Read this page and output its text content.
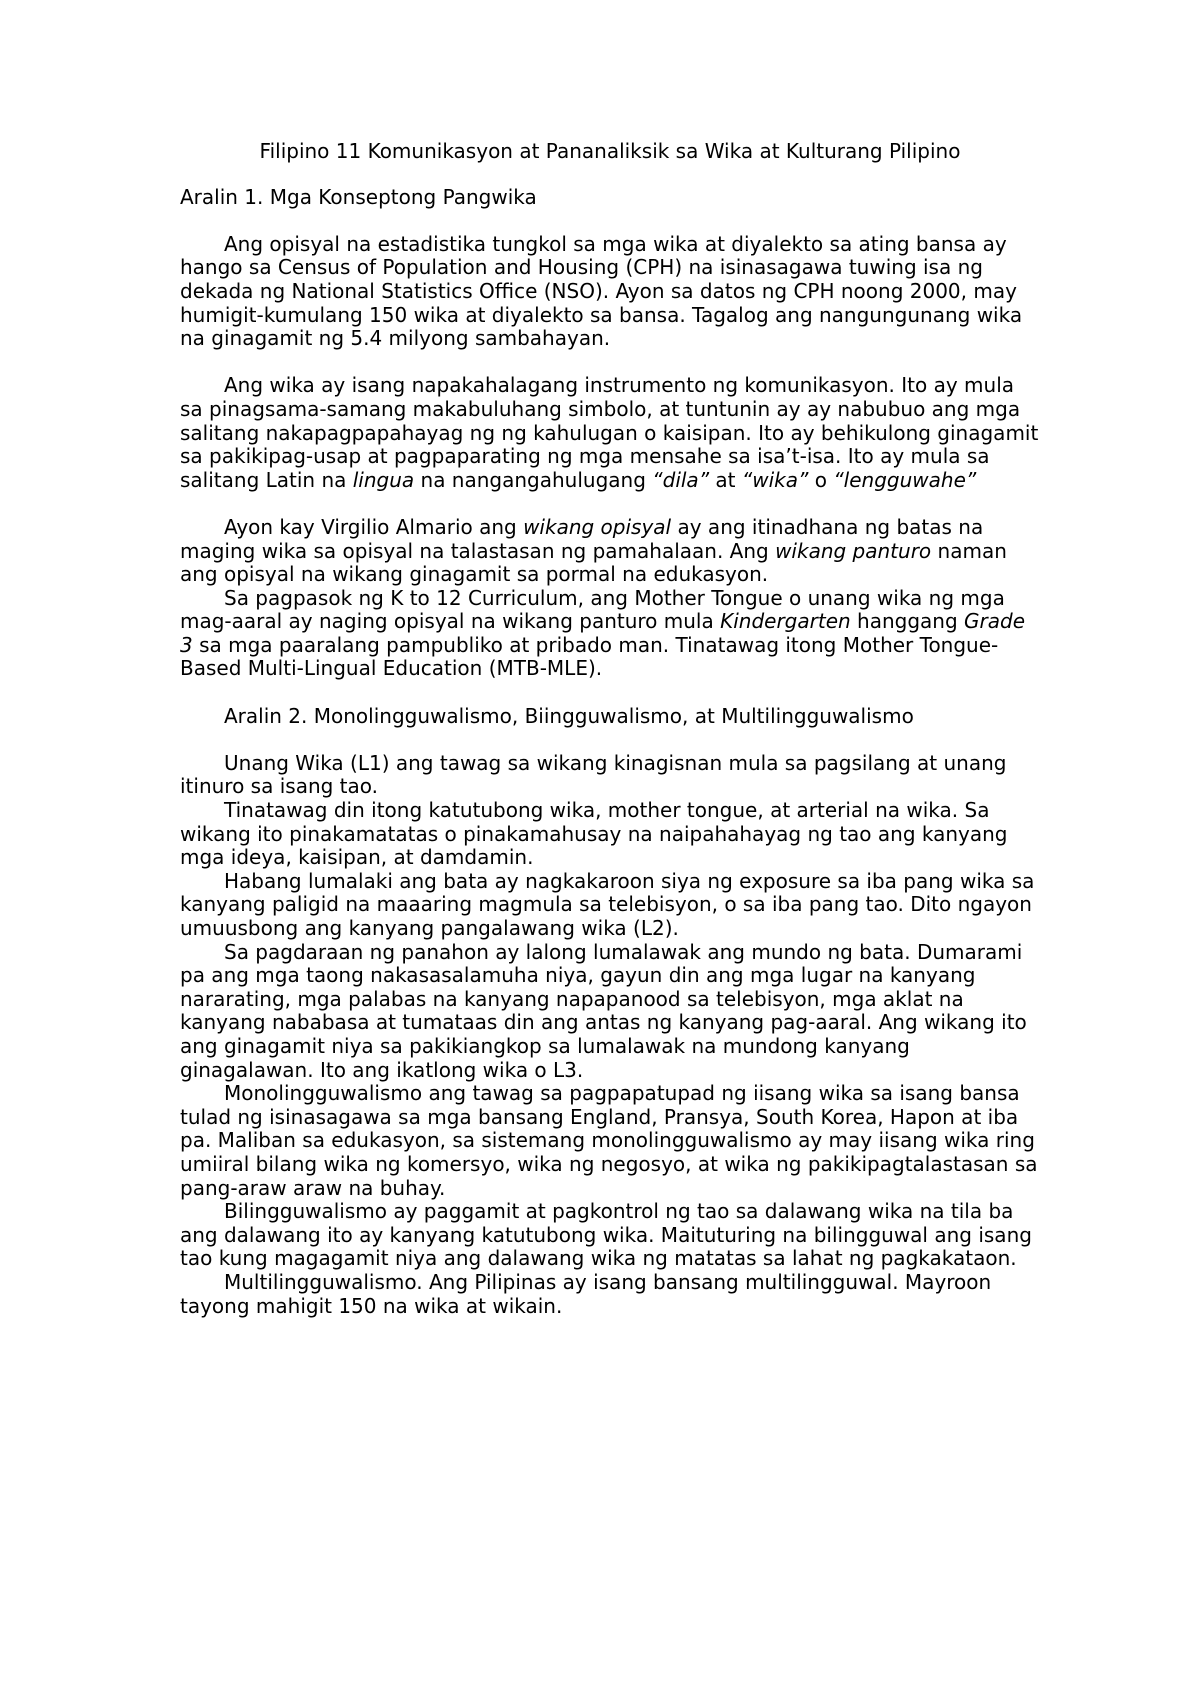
Filipino 11 Komunikasyon at Pananaliksik sa Wika at Kulturang Pilipino
Aralin 1. Mga Konseptong Pangwika

Ang opisyal na estadistika tungkol sa mga wika at diyalekto sa ating bansa ay hango sa Census of Population and Housing (CPH) na isinasagawa tuwing isa ng dekada ng National Statistics Office (NSO). Ayon sa datos ng CPH noong 2000, may humigit-kumulang 150 wika at diyalekto sa bansa. Tagalog ang nangungunang wika na ginagamit ng 5.4 milyong sambahayan.

Ang wika ay isang napakahalagang instrumento ng komunikasyon. Ito ay mula sa pinagsama-samang makabuluhang simbolo, at tuntunin ay ay nabubuo ang mga salitang nakapagpapahayag ng ng kahulugan o kaisipan. Ito ay behikulong ginagamit sa pakikipag-usap at pagpaparating ng mga mensahe sa isa’t-isa. Ito ay mula sa salitang Latin na lingua na nangangahulugang “dila” at “wika” o “lengguwahe”

Ayon kay Virgilio Almario ang wikang opisyal ay ang itinadhana ng batas na maging wika sa opisyal na talastasan ng pamahalaan. Ang wikang panturo naman ang opisyal na wikang ginagamit sa pormal na edukasyon.

Sa pagpasok ng K to 12 Curriculum, ang Mother Tongue o unang wika ng mga mag-aaral ay naging opisyal na wikang panturo mula Kindergarten hanggang Grade 3 sa mga paaralang pampubliko at pribado man. Tinatawag itong Mother Tongue-Based Multi-Lingual Education (MTB-MLE).

Aralin 2. Monolingguwalismo, Biingguwalismo, at Multilingguwalismo

Unang Wika (L1) ang tawag sa wikang kinagisnan mula sa pagsilang at unang itinuro sa isang tao.

Tinatawag din itong katutubong wika, mother tongue, at arterial na wika. Sa wikang ito pinakamatatas o pinakamahusay na naipahahayag ng tao ang kanyang mga ideya, kaisipan, at damdamin.

Habang lumalaki ang bata ay nagkakaroon siya ng exposure sa iba pang wika sa kanyang paligid na maaaring magmula sa telebisyon, o sa iba pang tao. Dito ngayon umuusbong ang kanyang pangalawang wika (L2).

Sa pagdaraan ng panahon ay lalong lumalawak ang mundo ng bata. Dumarami pa ang mga taong nakasasalamuha niya, gayun din ang mga lugar na kanyang nararating, mga palabas na kanyang napapanood sa telebisyon, mga aklat na kanyang nababasa at tumataas din ang antas ng kanyang pag-aaral. Ang wikang ito ang ginagamit niya sa pakikiangkop sa lumalawak na mundong kanyang ginagalawan. Ito ang ikatlong wika o L3.

Monolingguwalismo ang tawag sa pagpapatupad ng iisang wika sa isang bansa tulad ng isinasagawa sa mga bansang England, Pransya, South Korea, Hapon at iba pa. Maliban sa edukasyon, sa sistemang monolingguwalismo ay may iisang wika ring umiiral bilang wika ng komersyo, wika ng negosyo, at wika ng pakikipagtalastasan sa pang-araw araw na buhay.

Bilingguwalismo ay paggamit at pagkontrol ng tao sa dalawang wika na tila ba ang dalawang ito ay kanyang katutubong wika. Maituturing na bilingguwal ang isang tao kung magagamit niya ang dalawang wika ng matatas sa lahat ng pagkakataon.

Multilingguwalismo. Ang Pilipinas ay isang bansang multilingguwal. Mayroon tayong mahigit 150 na wika at wikain.
